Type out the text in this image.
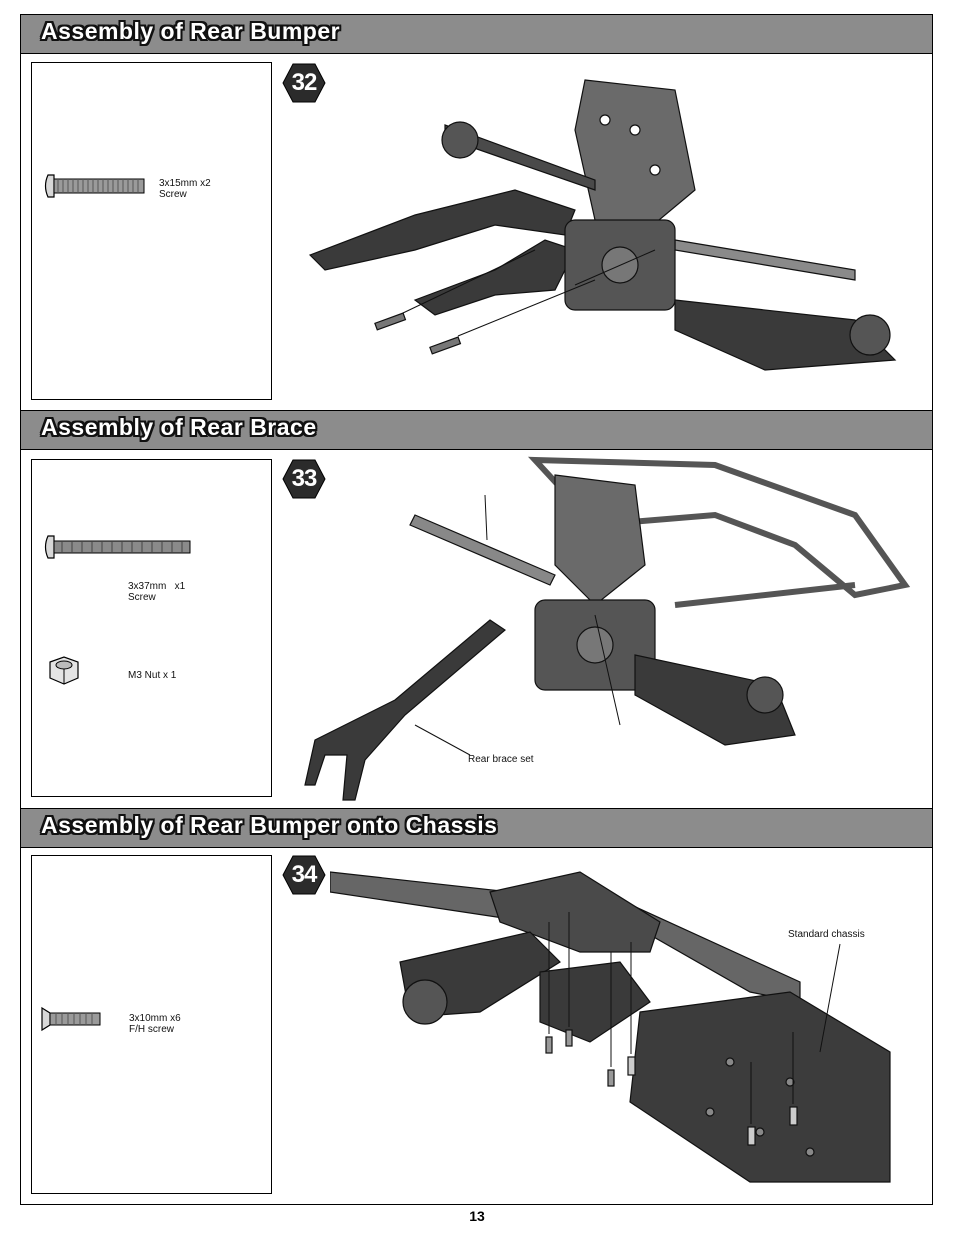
Assembly of Rear Bumper
3x15mm x2
Screw
32
Assembly of Rear Brace
3x37mm   x1
Screw
M3 Nut x 1
33
Rear brace set
Assembly of Rear Bumper onto Chassis
3x10mm x6
F/H screw
34
Standard chassis
13
